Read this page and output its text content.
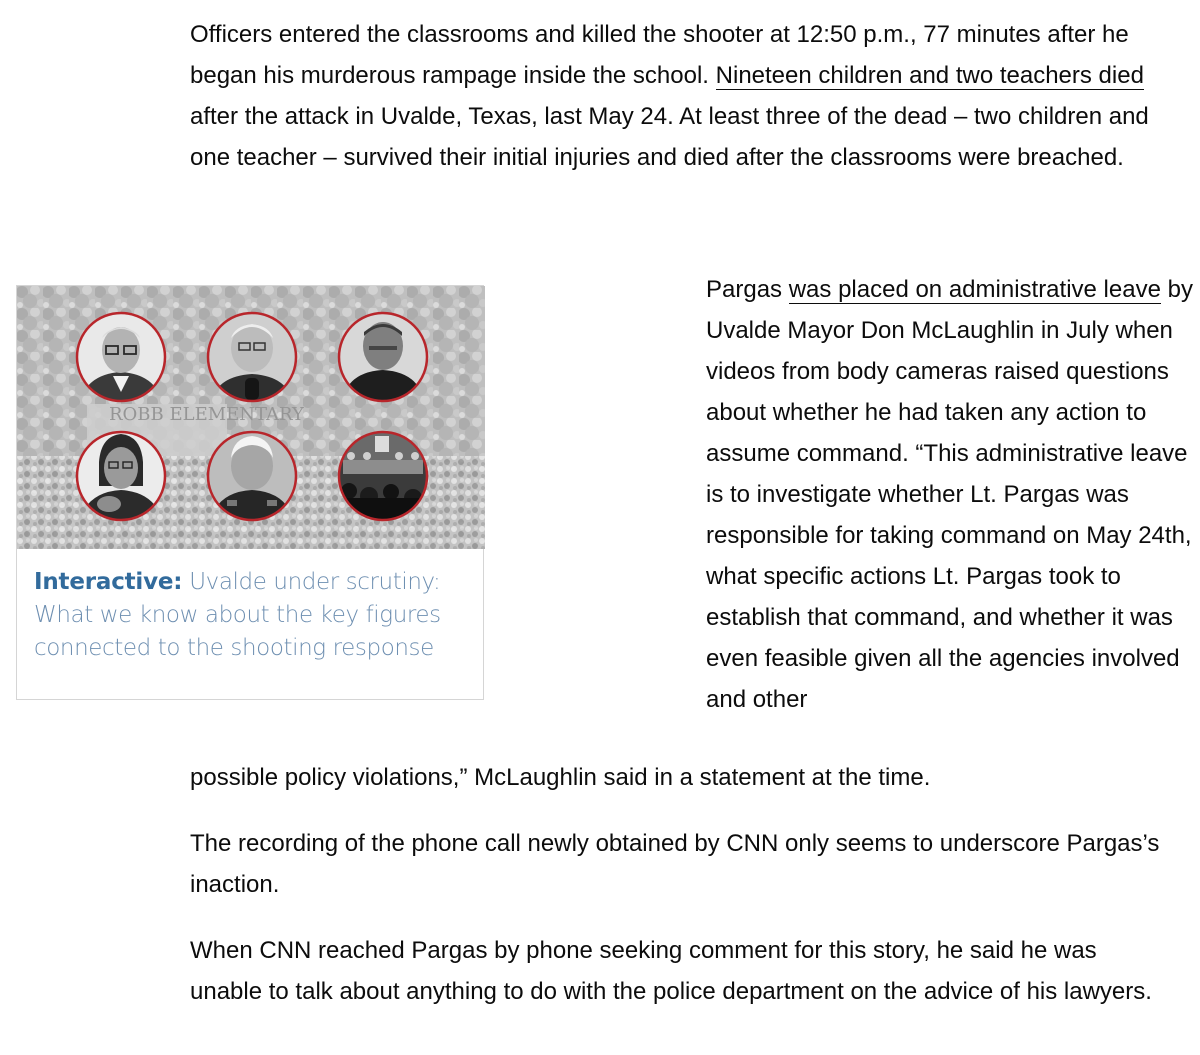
Officers entered the classrooms and killed the shooter at 12:50 p.m., 77 minutes after he began his murderous rampage inside the school. Nineteen children and two teachers died after the attack in Uvalde, Texas, last May 24. At least three of the dead – two children and one teacher – survived their initial injuries and died after the classrooms were breached.

ROBB ELEMENTARY
Interactive: Uvalde under scrutiny: What we know about the key figures connected to the shooting response

Pargas was placed on administrative leave by Uvalde Mayor Don McLaughlin in July when videos from body cameras raised questions about whether he had taken any action to assume command. “This administrative leave is to investigate whether Lt. Pargas was responsible for taking command on May 24th, what specific actions Lt. Pargas took to establish that command, and whether it was even feasible given all the agencies involved and other

possible policy violations,” McLaughlin said in a statement at the time.

The recording of the phone call newly obtained by CNN only seems to underscore Pargas’s inaction.

When CNN reached Pargas by phone seeking comment for this story, he said he was unable to talk about anything to do with the police department on the advice of his lawyers.
